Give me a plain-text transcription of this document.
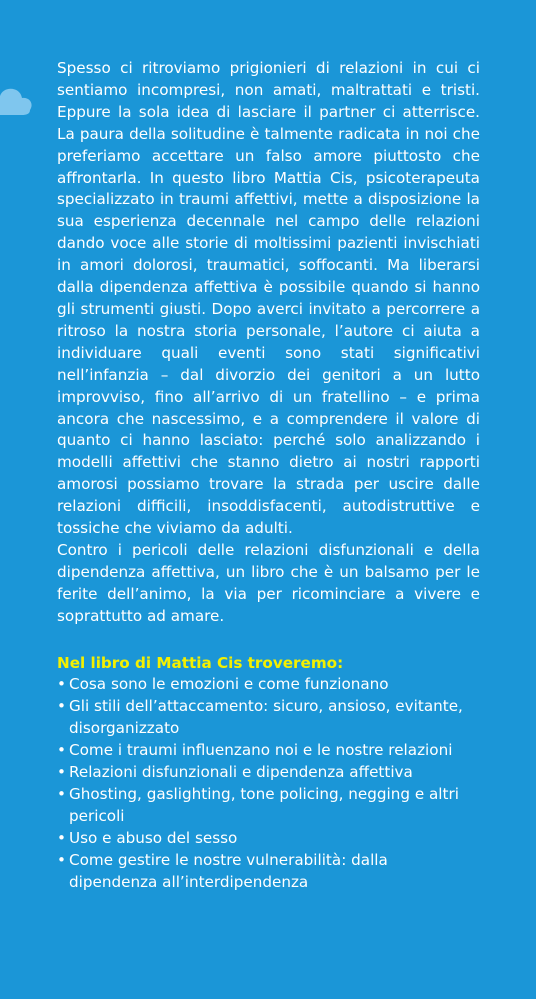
Spesso ci ritroviamo prigionieri di relazioni in cui ci sentiamo incompresi, non amati, maltrattati e tristi. Eppure la sola idea di lasciare il partner ci atterrisce. La paura della solitudine è talmente radicata in noi che preferiamo accettare un falso amore piuttosto che affrontarla. In questo libro Mattia Cis, psicoterapeuta specializzato in traumi affettivi, mette a disposizione la sua esperienza decennale nel campo delle relazioni dando voce alle storie di moltissimi pazienti invischiati in amori dolorosi, traumatici, soffocanti. Ma liberarsi dalla dipendenza affettiva è possibile quando si hanno gli strumenti giusti. Dopo averci invitato a percorrere a ritroso la nostra storia personale, l’autore ci aiuta a individuare quali eventi sono stati significativi nell’infanzia – dal divorzio dei genitori a un lutto improvviso, fino all’arrivo di un fratellino – e prima ancora che nascessimo, e a comprendere il valore di quanto ci hanno lasciato: perché solo analizzando i modelli affettivi che stanno dietro ai nostri rapporti amorosi possiamo trovare la strada per uscire dalle relazioni difficili, insoddisfacenti, autodistruttive e tossiche che viviamo da adulti.

Contro i pericoli delle relazioni disfunzionali e della dipendenza affettiva, un libro che è un balsamo per le ferite dell’animo, la via per ricominciare a vivere e soprattutto ad amare.

Nel libro di Mattia Cis troveremo:
• Cosa sono le emozioni e come funzionano
• Gli stili dell’attaccamento: sicuro, ansioso, evitante, disorganizzato
• Come i traumi influenzano noi e le nostre relazioni
• Relazioni disfunzionali e dipendenza affettiva
• Ghosting, gaslighting, tone policing, negging e altri pericoli
• Uso e abuso del sesso
• Come gestire le nostre vulnerabilità: dalla dipendenza all’interdipendenza
